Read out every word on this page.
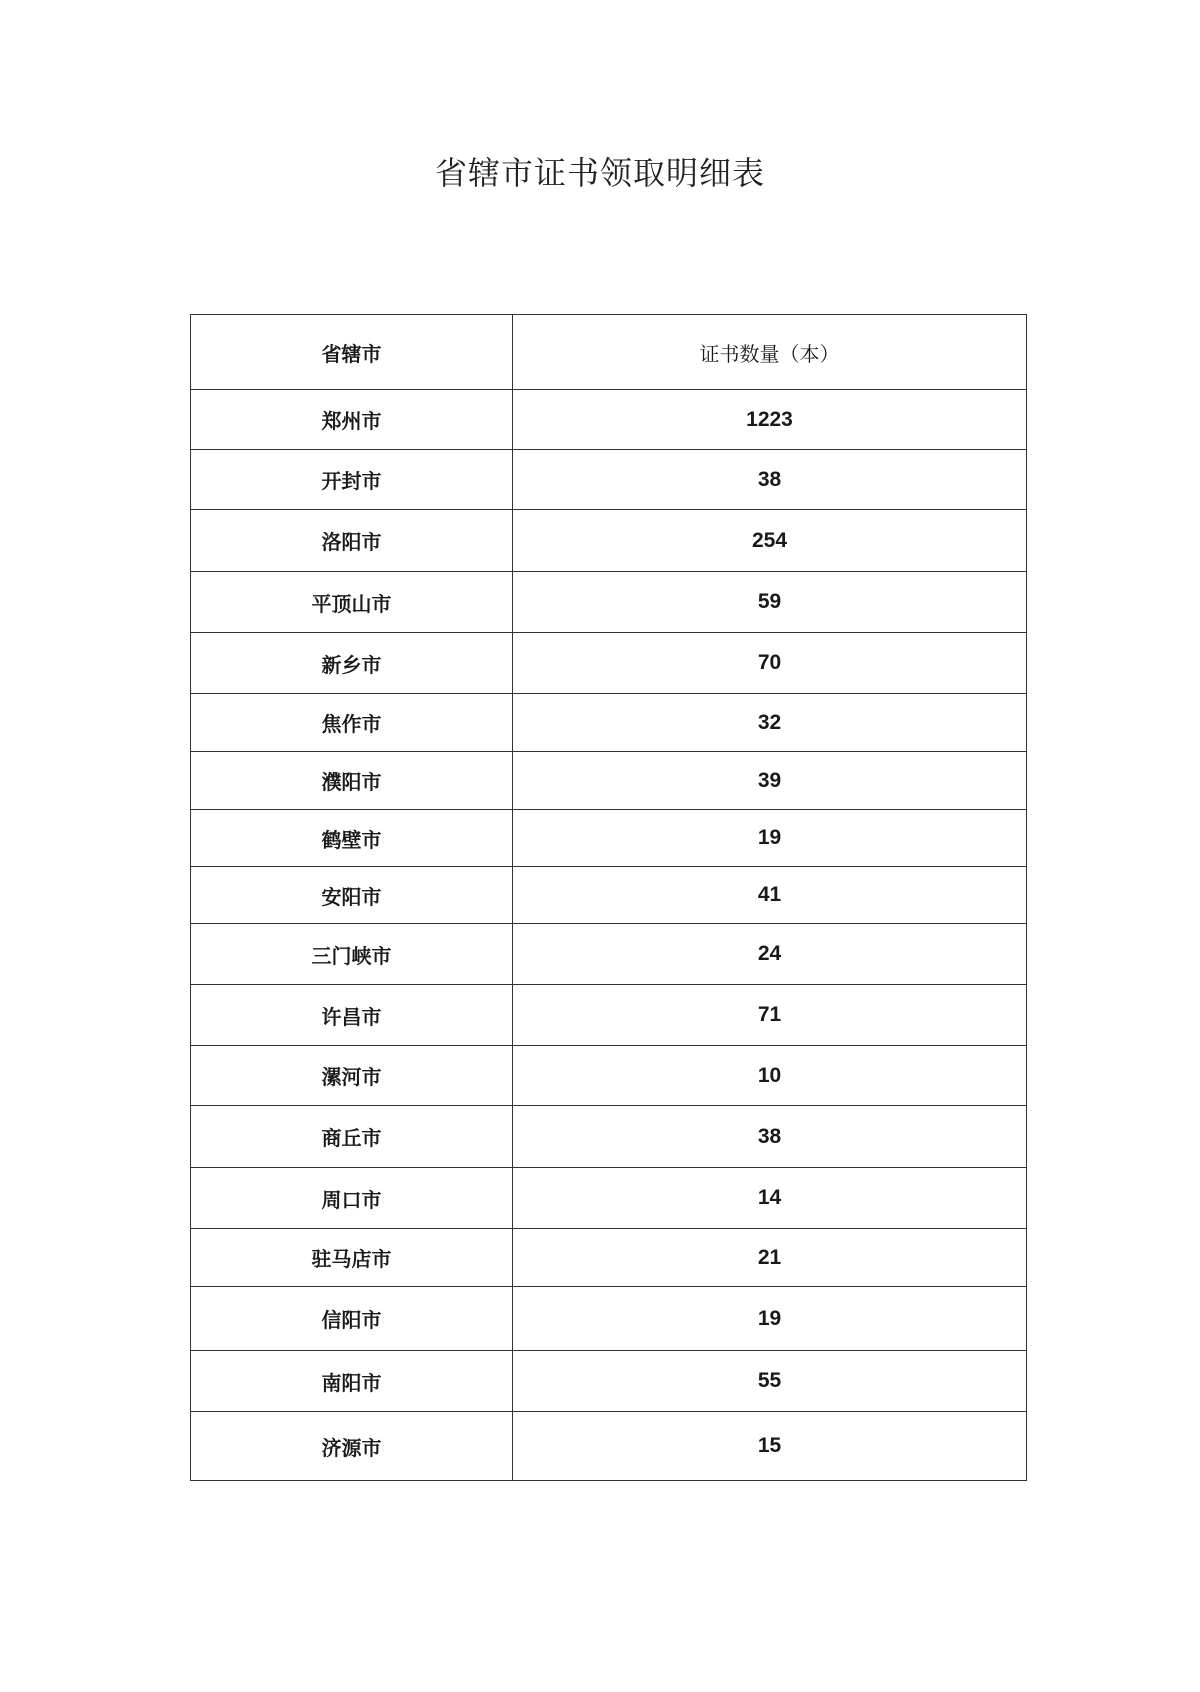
省辖市证书领取明细表
省辖市	证书数量（本）
郑州市	1223
开封市	38
洛阳市	254
平顶山市	59
新乡市	70
焦作市	32
濮阳市	39
鹤壁市	19
安阳市	41
三门峡市	24
许昌市	71
漯河市	10
商丘市	38
周口市	14
驻马店市	21
信阳市	19
南阳市	55
济源市	15
